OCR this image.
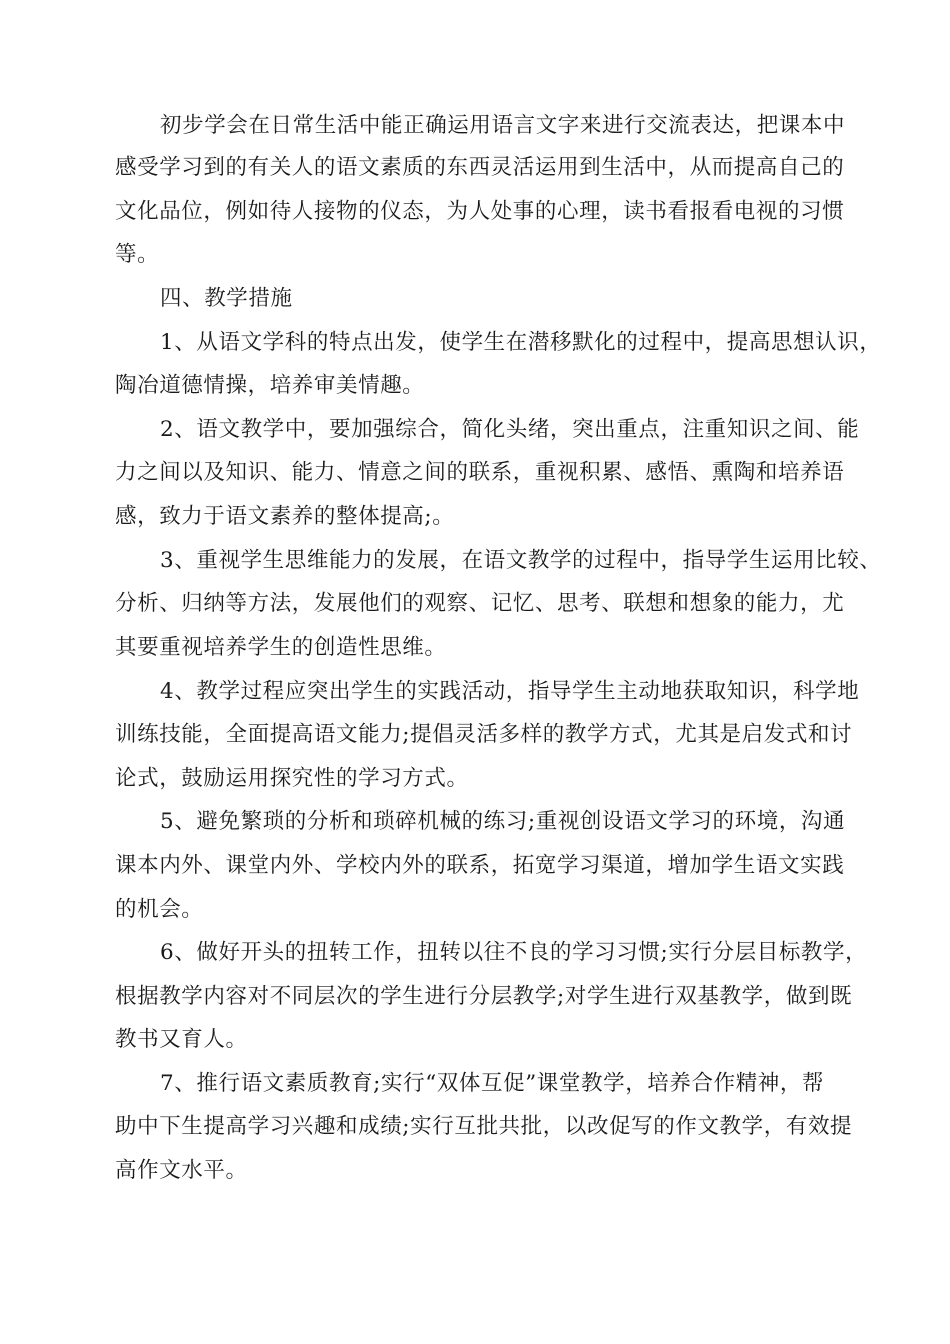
初步学会在日常生活中能正确运用语言文字来进行交流表达，把课本中
感受学习到的有关人的语文素质的东西灵活运用到生活中，从而提高自己的
文化品位，例如待人接物的仪态，为人处事的心理，读书看报看电视的习惯
等。
四、教学措施
1、从语文学科的特点出发，使学生在潜移默化的过程中，提高思想认识，
陶冶道德情操，培养审美情趣。
2、语文教学中，要加强综合，简化头绪，突出重点，注重知识之间、能
力之间以及知识、能力、情意之间的联系，重视积累、感悟、熏陶和培养语
感，致力于语文素养的整体提高;。
3、重视学生思维能力的发展，在语文教学的过程中，指导学生运用比较、
分析、归纳等方法，发展他们的观察、记忆、思考、联想和想象的能力，尤
其要重视培养学生的创造性思维。
4、教学过程应突出学生的实践活动，指导学生主动地获取知识，科学地
训练技能，全面提高语文能力;提倡灵活多样的教学方式，尤其是启发式和讨
论式，鼓励运用探究性的学习方式。
5、避免繁琐的分析和琐碎机械的练习;重视创设语文学习的环境，沟通
课本内外、课堂内外、学校内外的联系，拓宽学习渠道，增加学生语文实践
的机会。
6、做好开头的扭转工作，扭转以往不良的学习习惯;实行分层目标教学，
根据教学内容对不同层次的学生进行分层教学;对学生进行双基教学，做到既
教书又育人。
7、推行语文素质教育;实行“双体互促”课堂教学，培养合作精神，帮
助中下生提高学习兴趣和成绩;实行互批共批，以改促写的作文教学，有效提
高作文水平。
